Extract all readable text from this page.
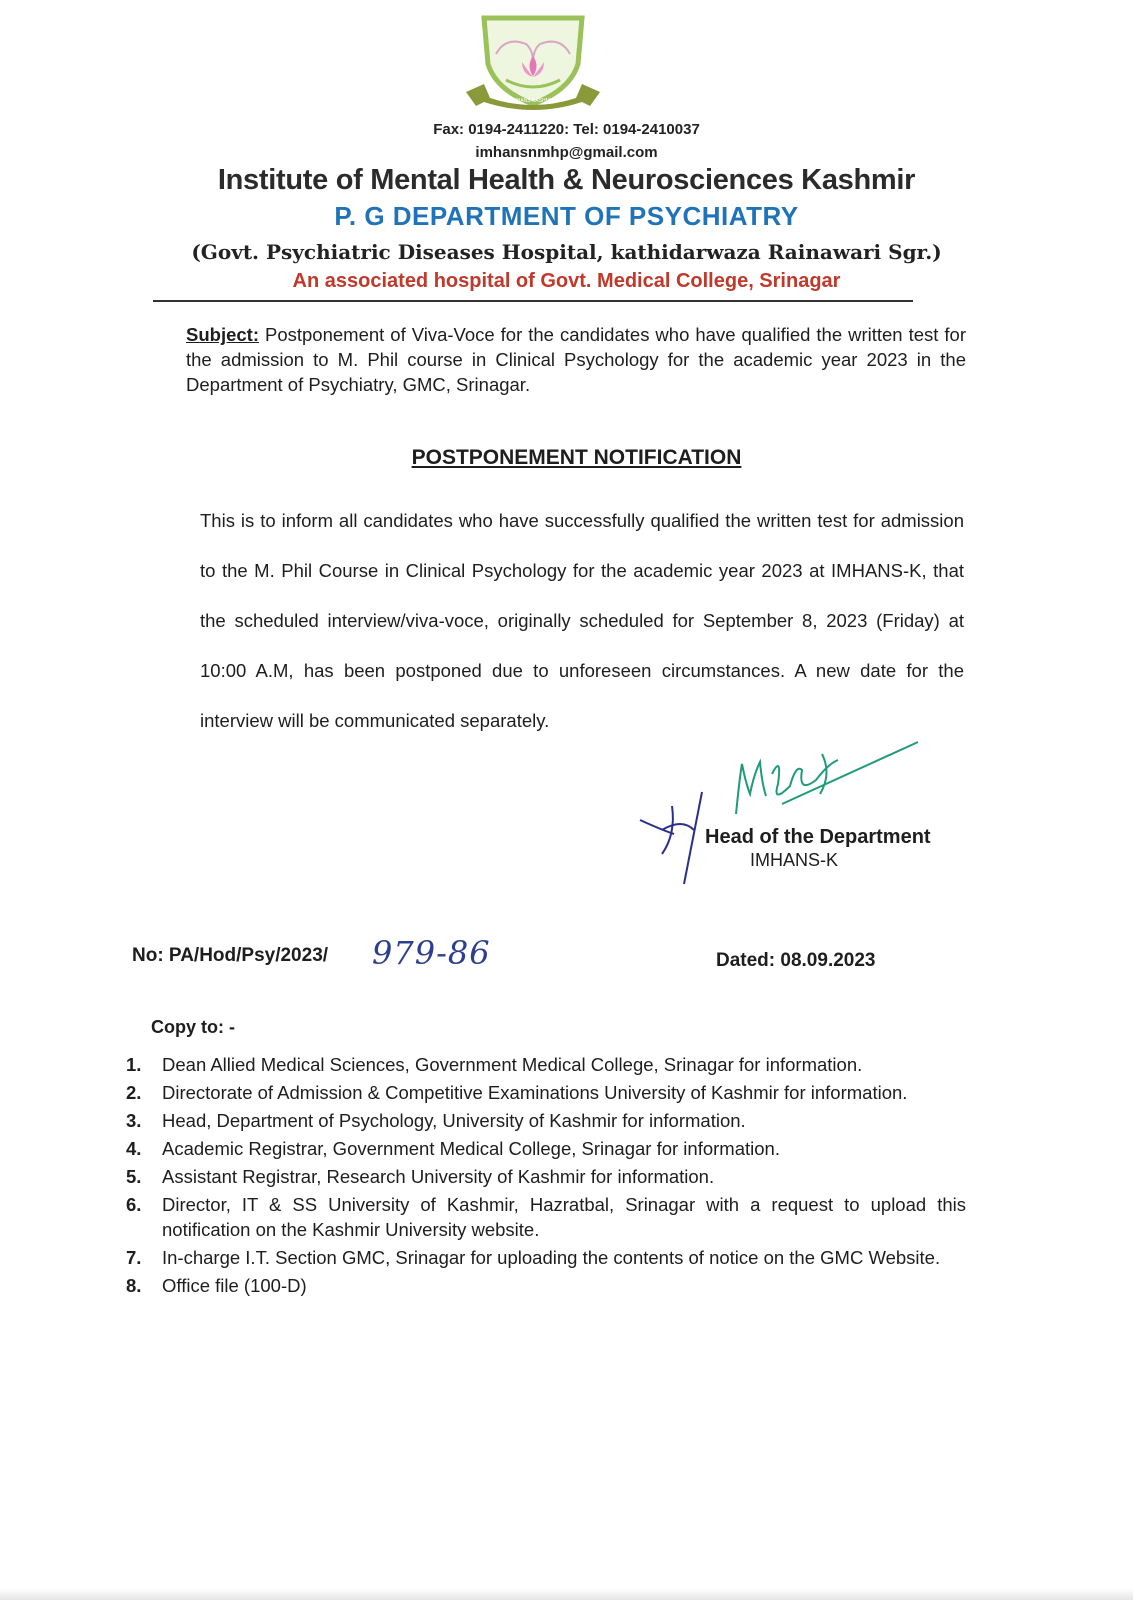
IMHANS KASHMIR
Fax: 0194-2411220: Tel: 0194-2410037
imhansnmhp@gmail.com
Institute of Mental Health & Neurosciences Kashmir
P. G DEPARTMENT OF PSYCHIATRY
(Govt. Psychiatric Diseases Hospital, kathidarwaza Rainawari Sgr.)
An associated hospital of Govt. Medical College, Srinagar
Subject: Postponement of Viva-Voce for the candidates who have qualified the written test for the admission to M. Phil course in Clinical Psychology for the academic year 2023 in the Department of Psychiatry, GMC, Srinagar.
POSTPONEMENT NOTIFICATION
This is to inform all candidates who have successfully qualified the written test for admission to the M. Phil Course in Clinical Psychology for the academic year 2023 at IMHANS-K, that the scheduled interview/viva-voce, originally scheduled for September 8, 2023 (Friday) at 10:00 A.M, has been postponed due to unforeseen circumstances. A new date for the interview will be communicated separately.
Head of the Department
IMHANS-K
No: PA/Hod/Psy/2023/ 979-86	Dated: 08.09.2023
Copy to: -
1. Dean Allied Medical Sciences, Government Medical College, Srinagar for information.
2. Directorate of Admission & Competitive Examinations University of Kashmir for information.
3. Head, Department of Psychology, University of Kashmir for information.
4. Academic Registrar, Government Medical College, Srinagar for information.
5. Assistant Registrar, Research University of Kashmir for information.
6. Director, IT & SS University of Kashmir, Hazratbal, Srinagar with a request to upload this notification on the Kashmir University website.
7. In-charge I.T. Section GMC, Srinagar for uploading the contents of notice on the GMC Website.
8. Office file (100-D)
